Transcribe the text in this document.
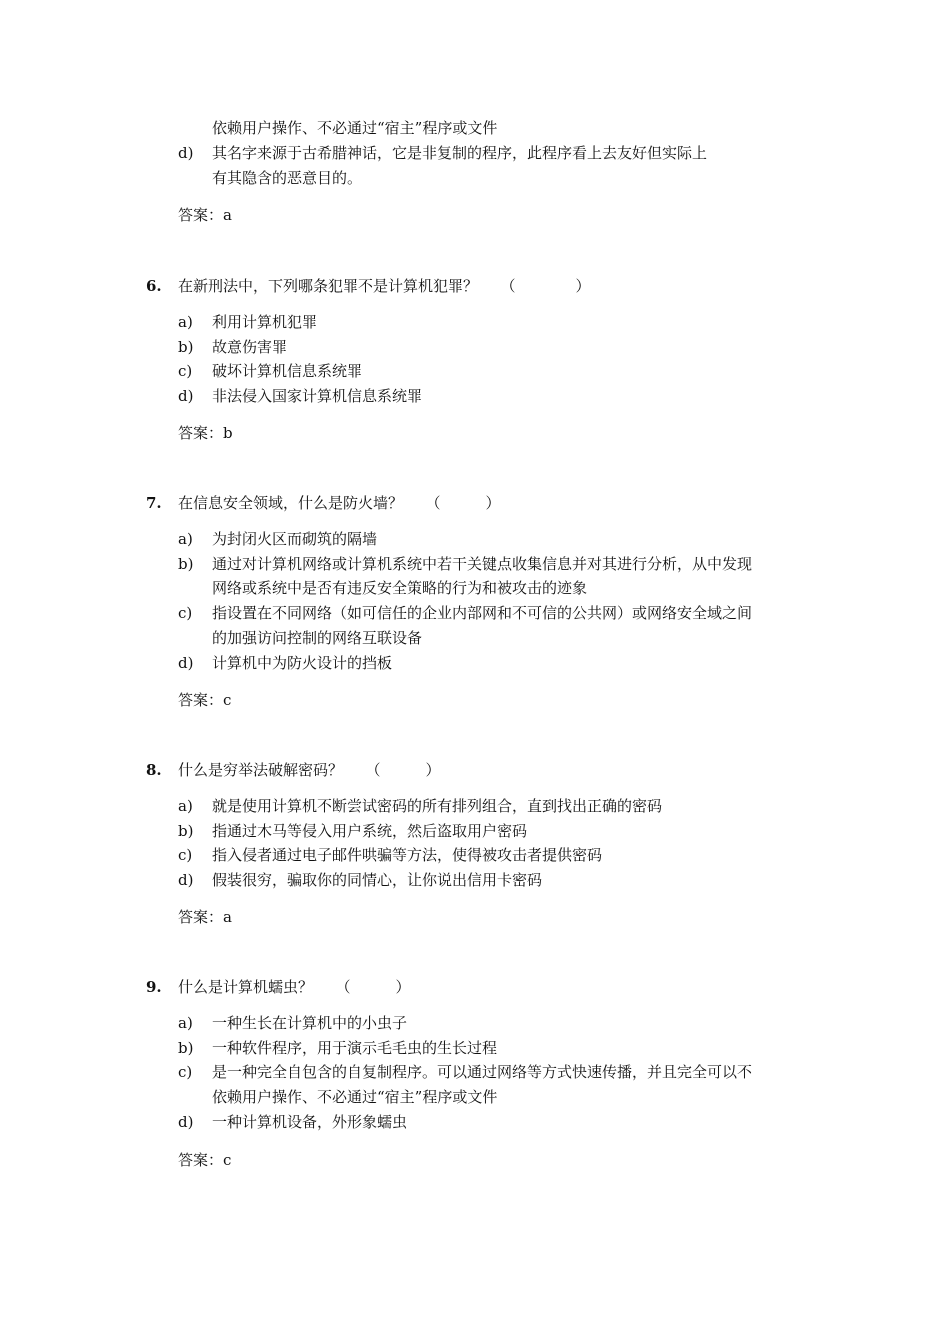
依赖用户操作、不必通过“宿主”程序或文件
d)	其名字来源于古希腊神话，它是非复制的程序，此程序看上去友好但实际上
有其隐含的恶意目的。
答案：a
6. 在新刑法中，下列哪条犯罪不是计算机犯罪？　　（　　　　）
a)	利用计算机犯罪
b)	故意伤害罪
c)	破坏计算机信息系统罪
d)	非法侵入国家计算机信息系统罪
答案：b
7. 在信息安全领域，什么是防火墙？　　（　　　）
a)	为封闭火区而砌筑的隔墙
b)	通过对计算机网络或计算机系统中若干关键点收集信息并对其进行分析，从中发现
网络或系统中是否有违反安全策略的行为和被攻击的迹象
c)	指设置在不同网络（如可信任的企业内部网和不可信的公共网）或网络安全域之间
的加强访问控制的网络互联设备
d)	计算机中为防火设计的挡板
答案：c
8. 什么是穷举法破解密码？　　（　　　）
a)	就是使用计算机不断尝试密码的所有排列组合，直到找出正确的密码
b)	指通过木马等侵入用户系统，然后盗取用户密码
c)	指入侵者通过电子邮件哄骗等方法，使得被攻击者提供密码
d)	假装很穷，骗取你的同情心，让你说出信用卡密码
答案：a
9. 什么是计算机蠕虫？　　（　　　）
a)	一种生长在计算机中的小虫子
b)	一种软件程序，用于演示毛毛虫的生长过程
c)	是一种完全自包含的自复制程序。可以通过网络等方式快速传播，并且完全可以不
依赖用户操作、不必通过“宿主”程序或文件
d)	一种计算机设备，外形象蠕虫
答案：c
